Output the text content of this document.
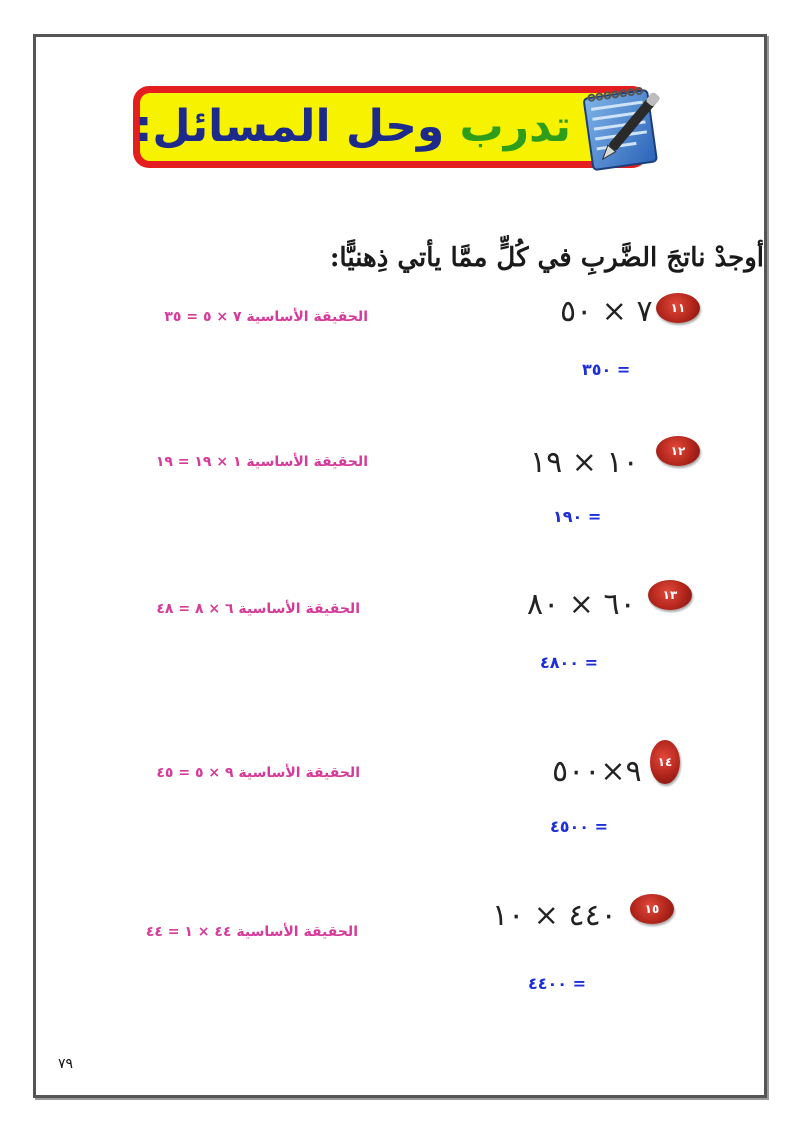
تدرب وحل المسائل:
أوجدْ ناتجَ الضَّربِ في كُلٍّ ممَّا يأتي ذِهنيًّا:
١١
٧ × ٥٠
الحقيقة الأساسية ٧ × ٥ = ٣٥
= ٣٥٠
١٢
١٠ × ١٩
الحقيقة الأساسية ١ × ١٩ = ١٩
= ١٩٠
١٣
٦٠ × ٨٠
الحقيقة الأساسية ٦ × ٨ = ٤٨
= ٤٨٠٠
١٤
٩×٥٠٠
الحقيقة الأساسية ٩ × ٥ = ٤٥
= ٤٥٠٠
١٥
٤٤٠ × ١٠
الحقيقة الأساسية ٤٤ × ١ = ٤٤
= ٤٤٠٠
٧٩
